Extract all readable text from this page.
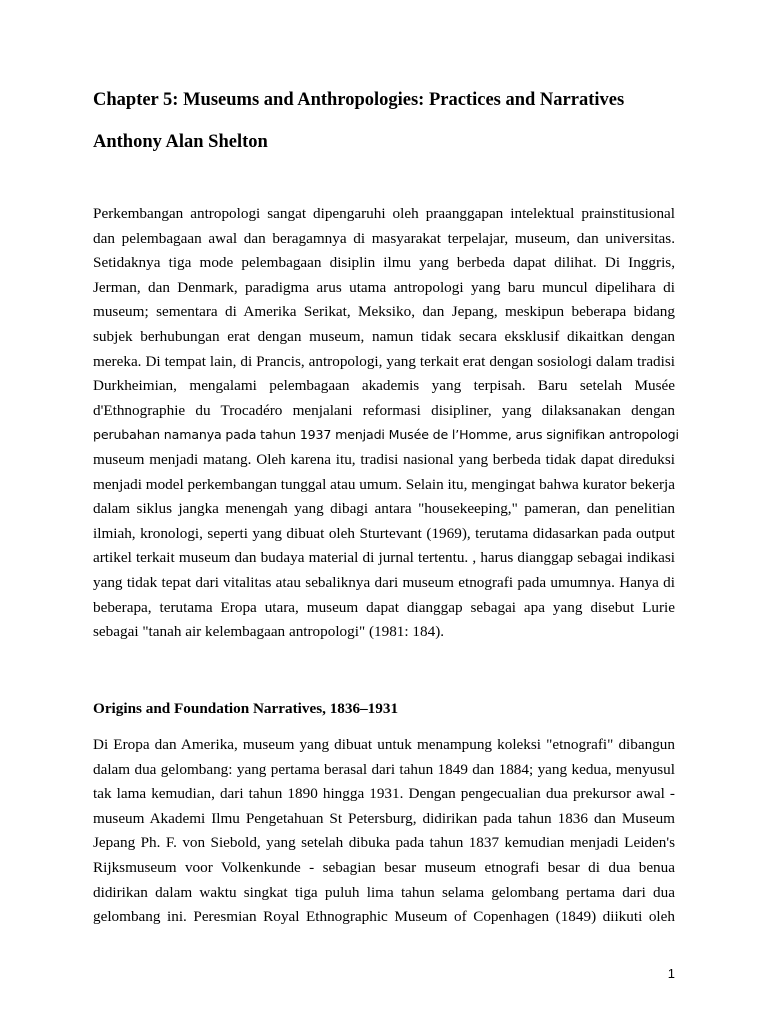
Chapter 5: Museums and Anthropologies: Practices and Narratives
Anthony Alan Shelton
Perkembangan antropologi sangat dipengaruhi oleh praanggapan intelektual prainstitusional
dan pelembagaan awal dan beragamnya di masyarakat terpelajar, museum, dan universitas.
Setidaknya tiga mode pelembagaan disiplin ilmu yang berbeda dapat dilihat. Di Inggris,
Jerman, dan Denmark, paradigma arus utama antropologi yang baru muncul dipelihara di
museum; sementara di Amerika Serikat, Meksiko, dan Jepang, meskipun beberapa bidang
subjek berhubungan erat dengan museum, namun tidak secara eksklusif dikaitkan dengan
mereka. Di tempat lain, di Prancis, antropologi, yang terkait erat dengan sosiologi dalam tradisi
Durkheimian, mengalami pelembagaan akademis yang terpisah. Baru setelah Musée
d'Ethnographie du Trocadéro menjalani reformasi disipliner, yang dilaksanakan dengan
perubahan namanya pada tahun 1937 menjadi Musée de l’Homme, arus signifikan antropologi
museum menjadi matang. Oleh karena itu, tradisi nasional yang berbeda tidak dapat direduksi
menjadi model perkembangan tunggal atau umum. Selain itu, mengingat bahwa kurator bekerja
dalam siklus jangka menengah yang dibagi antara "housekeeping," pameran, dan penelitian
ilmiah, kronologi, seperti yang dibuat oleh Sturtevant (1969), terutama didasarkan pada output
artikel terkait museum dan budaya material di jurnal tertentu. , harus dianggap sebagai indikasi
yang tidak tepat dari vitalitas atau sebaliknya dari museum etnografi pada umumnya. Hanya di
beberapa, terutama Eropa utara, museum dapat dianggap sebagai apa yang disebut Lurie
sebagai "tanah air kelembagaan antropologi" (1981: 184).
Origins and Foundation Narratives, 1836–1931
Di Eropa dan Amerika, museum yang dibuat untuk menampung koleksi "etnografi" dibangun
dalam dua gelombang: yang pertama berasal dari tahun 1849 dan 1884; yang kedua, menyusul
tak lama kemudian, dari tahun 1890 hingga 1931. Dengan pengecualian dua prekursor awal -
museum Akademi Ilmu Pengetahuan St Petersburg, didirikan pada tahun 1836 dan Museum
Jepang Ph. F. von Siebold, yang setelah dibuka pada tahun 1837 kemudian menjadi Leiden's
Rijksmuseum voor Volkenkunde - sebagian besar museum etnografi besar di dua benua
didirikan dalam waktu singkat tiga puluh lima tahun selama gelombang pertama dari dua
gelombang ini. Peresmian Royal Ethnographic Museum of Copenhagen (1849) diikuti oleh
1
